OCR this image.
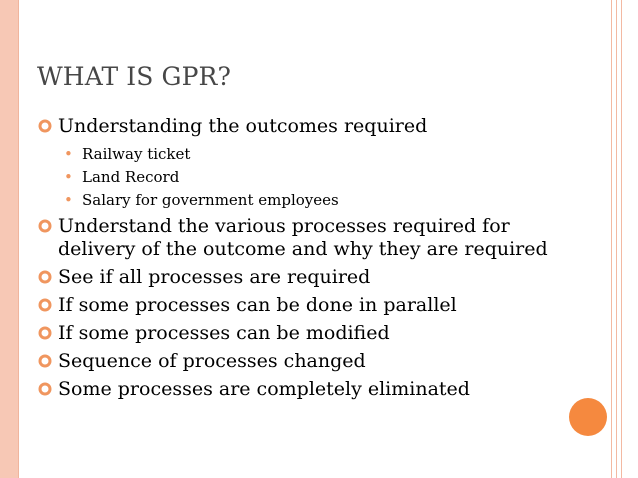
WHAT IS GPR?
Understanding the outcomes required
• Railway ticket
• Land Record
• Salary for government employees
Understand the various processes required for delivery of the outcome and why they are required
See if all processes are required
If some processes can be done in parallel
If some processes can be modified
Sequence of processes changed
Some processes are completely eliminated
